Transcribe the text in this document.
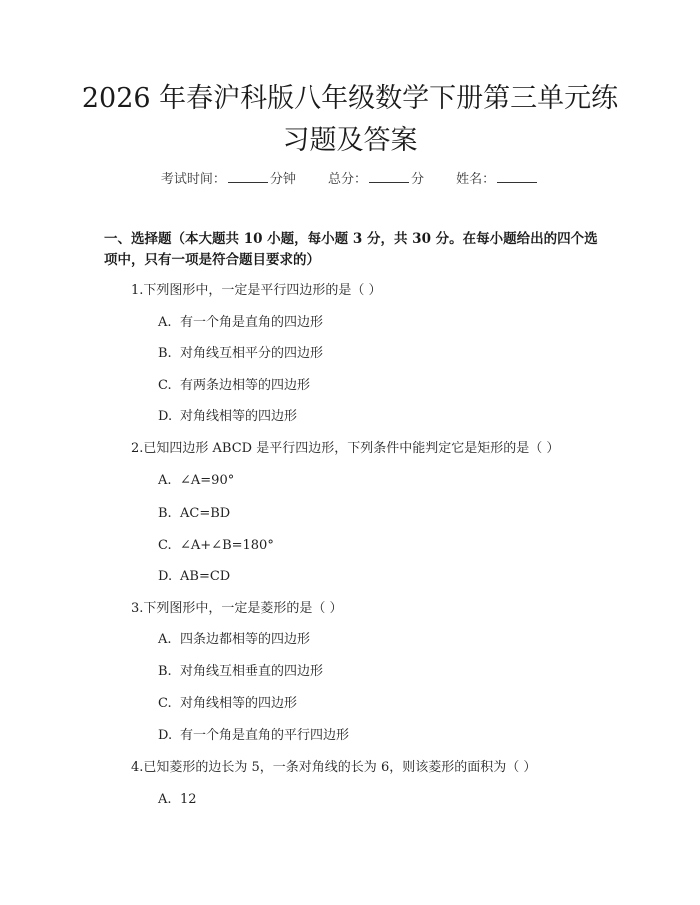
2026 年春沪科版八年级数学下册第三单元练
习题及答案
考试时间：	分钟 总分：	分 姓名：
一、选择题（本大题共 10 小题，每小题 3 分，共 30 分。在每小题给出的四个选
项中，只有一项是符合题目要求的）
1.下列图形中，一定是平行四边形的是（ ）
A. 有一个角是直角的四边形
B. 对角线互相平分的四边形
C. 有两条边相等的四边形
D. 对角线相等的四边形
2.已知四边形 ABCD 是平行四边形，下列条件中能判定它是矩形的是（ ）
A. ∠A=90°
B. AC=BD
C. ∠A+∠B=180°
D. AB=CD
3.下列图形中，一定是菱形的是（ ）
A. 四条边都相等的四边形
B. 对角线互相垂直的四边形
C. 对角线相等的四边形
D. 有一个角是直角的平行四边形
4.已知菱形的边长为 5，一条对角线的长为 6，则该菱形的面积为（ ）
A. 12
